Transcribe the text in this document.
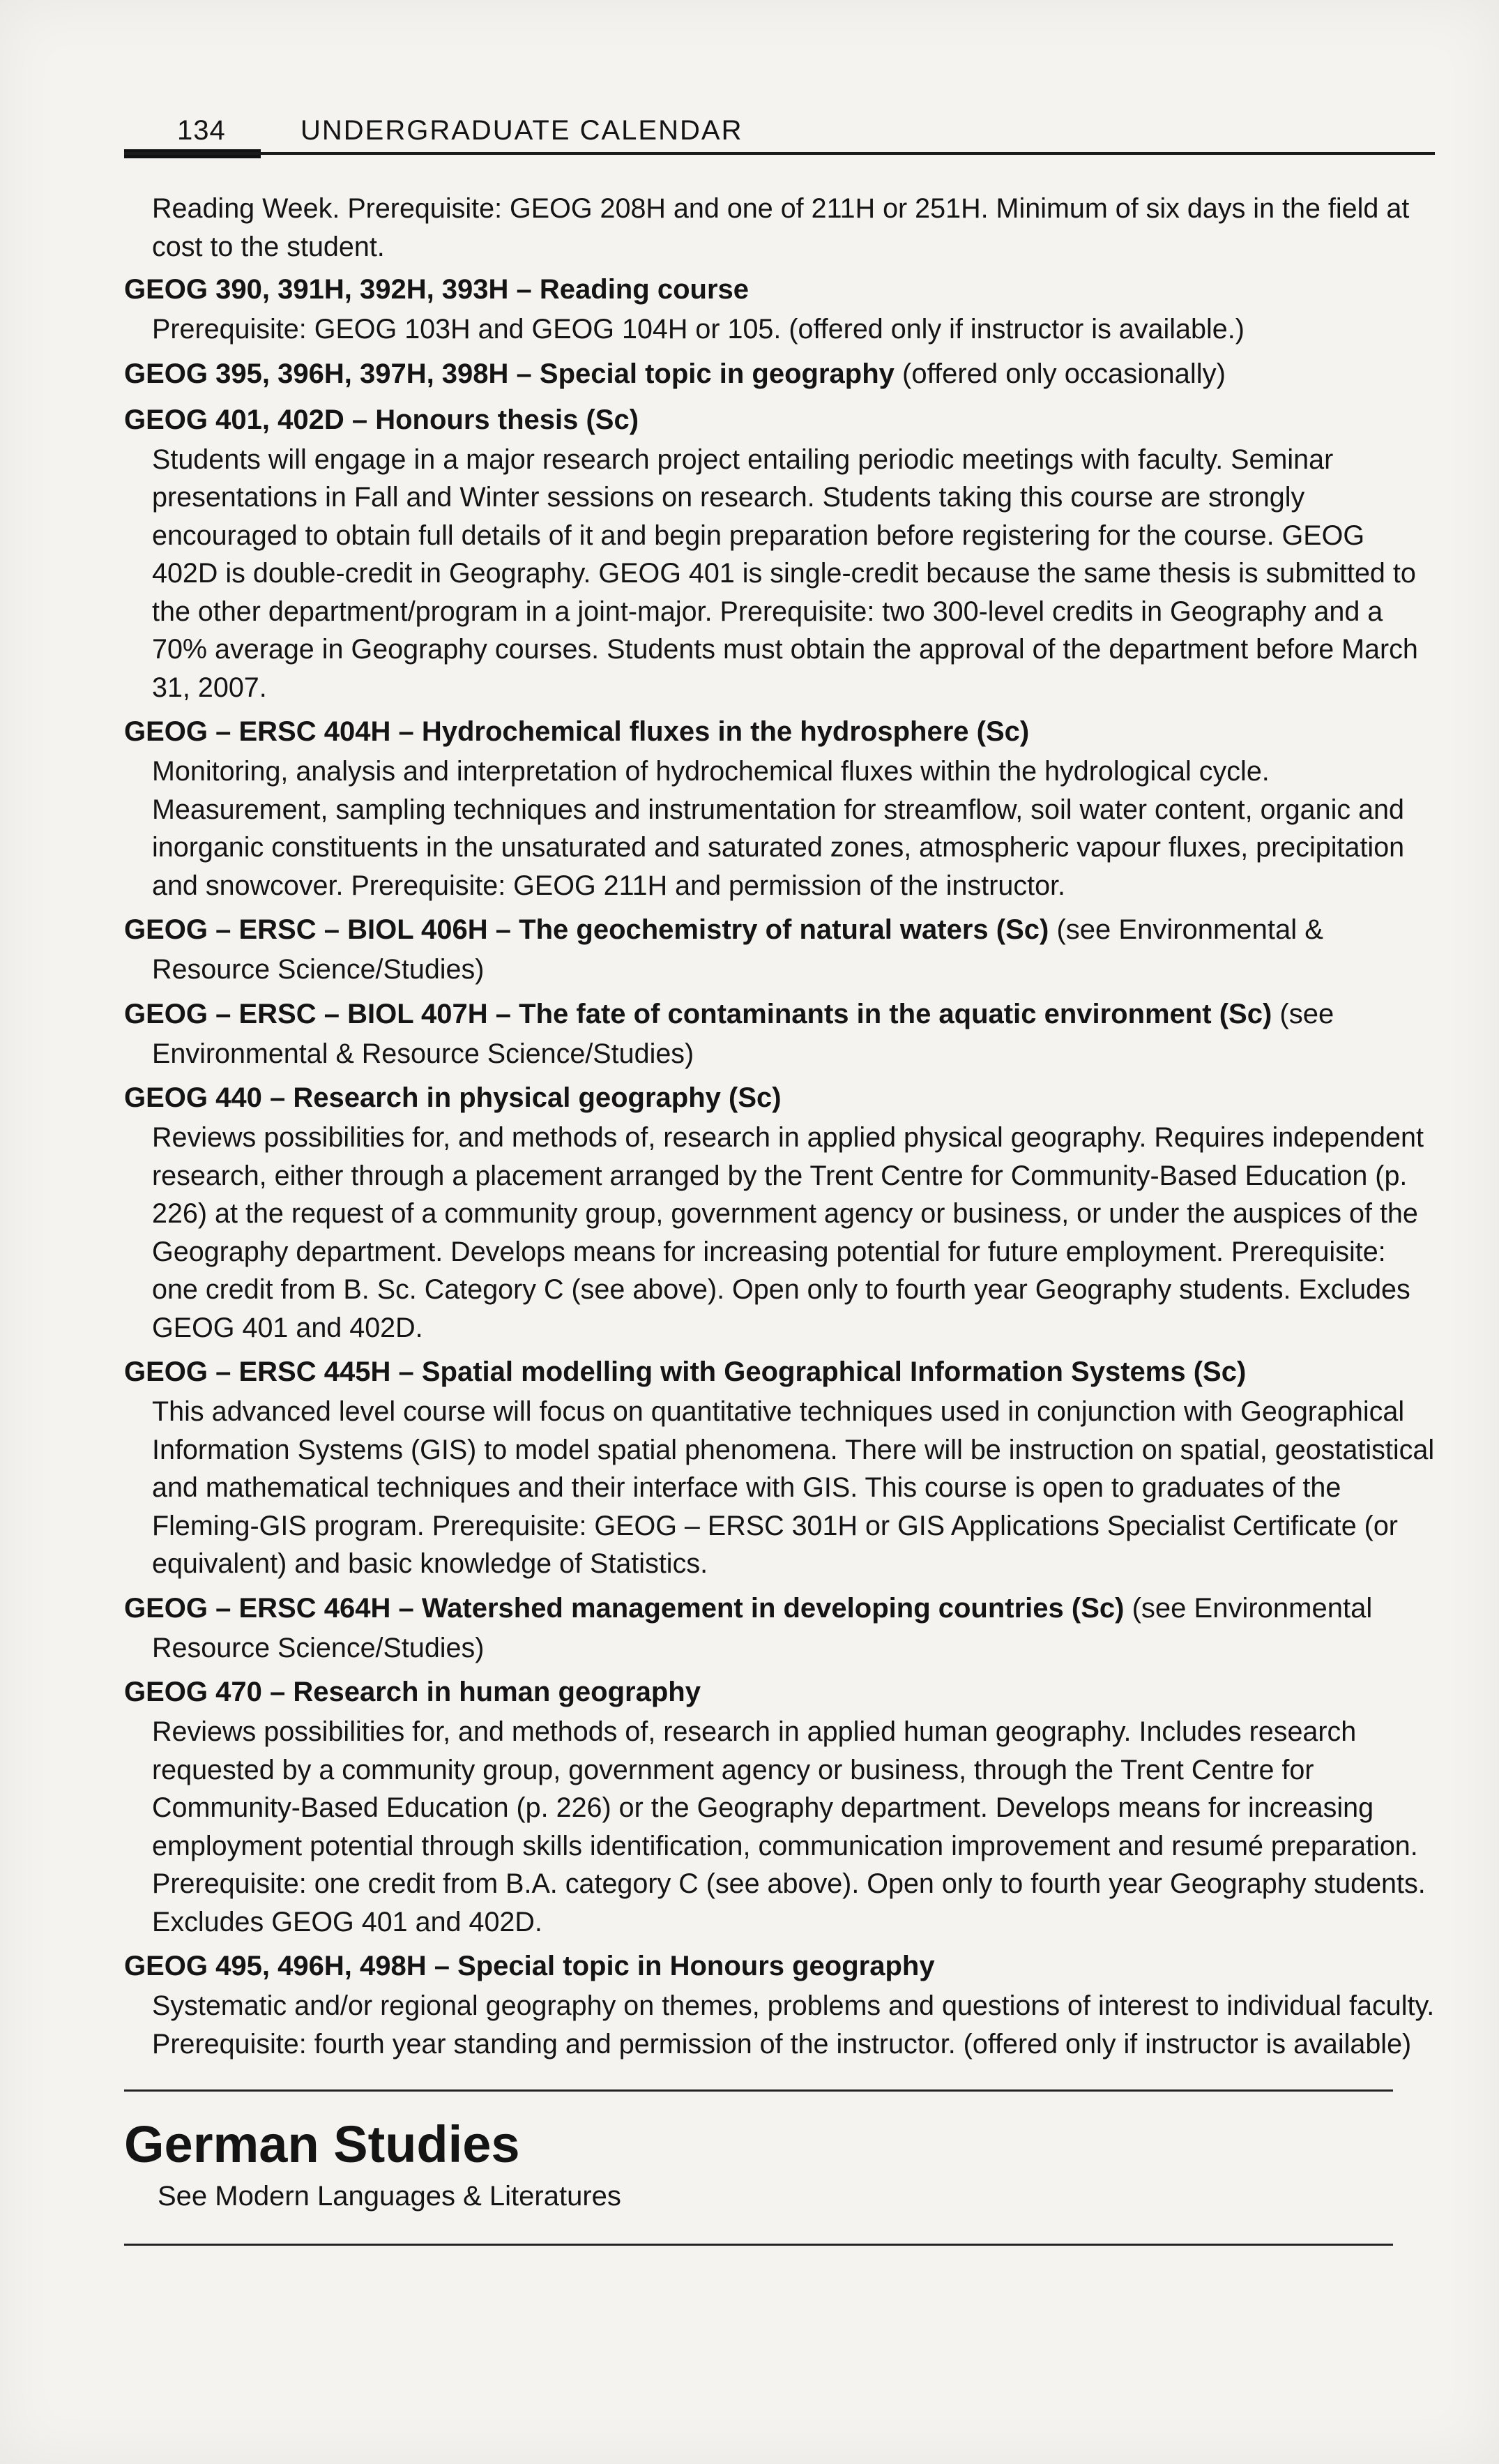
134	UNDERGRADUATE CALENDAR
Reading Week. Prerequisite: GEOG 208H and one of 211H or 251H. Minimum of six days in the field at cost to the student.
GEOG 390, 391H, 392H, 393H – Reading course
Prerequisite: GEOG 103H and GEOG 104H or 105. (offered only if instructor is available.)
GEOG 395, 396H, 397H, 398H – Special topic in geography (offered only occasionally)
GEOG 401, 402D – Honours thesis (Sc)
Students will engage in a major research project entailing periodic meetings with faculty. Seminar presentations in Fall and Winter sessions on research. Students taking this course are strongly encouraged to obtain full details of it and begin preparation before registering for the course. GEOG 402D is double-credit in Geography. GEOG 401 is single-credit because the same thesis is submitted to the other department/program in a joint-major. Prerequisite: two 300-level credits in Geography and a 70% average in Geography courses. Students must obtain the approval of the department before March 31, 2007.
GEOG – ERSC 404H – Hydrochemical fluxes in the hydrosphere (Sc)
Monitoring, analysis and interpretation of hydrochemical fluxes within the hydrological cycle. Measurement, sampling techniques and instrumentation for streamflow, soil water content, organic and inorganic constituents in the unsaturated and saturated zones, atmospheric vapour fluxes, precipitation and snowcover. Prerequisite: GEOG 211H and permission of the instructor.
GEOG – ERSC – BIOL 406H – The geochemistry of natural waters (Sc) (see Environmental &
Resource Science/Studies)
GEOG – ERSC – BIOL 407H – The fate of contaminants in the aquatic environment (Sc) (see
Environmental & Resource Science/Studies)
GEOG 440 – Research in physical geography (Sc)
Reviews possibilities for, and methods of, research in applied physical geography. Requires independent research, either through a placement arranged by the Trent Centre for Community-Based Education (p. 226) at the request of a community group, government agency or business, or under the auspices of the Geography department. Develops means for increasing potential for future employment. Prerequisite: one credit from B. Sc. Category C (see above). Open only to fourth year Geography students. Excludes GEOG 401 and 402D.
GEOG – ERSC 445H – Spatial modelling with Geographical Information Systems (Sc)
This advanced level course will focus on quantitative techniques used in conjunction with Geographical Information Systems (GIS) to model spatial phenomena. There will be instruction on spatial, geostatistical and mathematical techniques and their interface with GIS. This course is open to graduates of the Fleming-GIS program. Prerequisite: GEOG – ERSC 301H or GIS Applications Specialist Certificate (or equivalent) and basic knowledge of Statistics.
GEOG – ERSC 464H – Watershed management in developing countries (Sc) (see Environmental
Resource Science/Studies)
GEOG 470 – Research in human geography
Reviews possibilities for, and methods of, research in applied human geography. Includes research requested by a community group, government agency or business, through the Trent Centre for Community-Based Education (p. 226) or the Geography department. Develops means for increasing employment potential through skills identification, communication improvement and resumé preparation. Prerequisite: one credit from B.A. category C (see above). Open only to fourth year Geography students. Excludes GEOG 401 and 402D.
GEOG 495, 496H, 498H – Special topic in Honours geography
Systematic and/or regional geography on themes, problems and questions of interest to individual faculty. Prerequisite: fourth year standing and permission of the instructor. (offered only if instructor is available)
German Studies
See Modern Languages & Literatures
